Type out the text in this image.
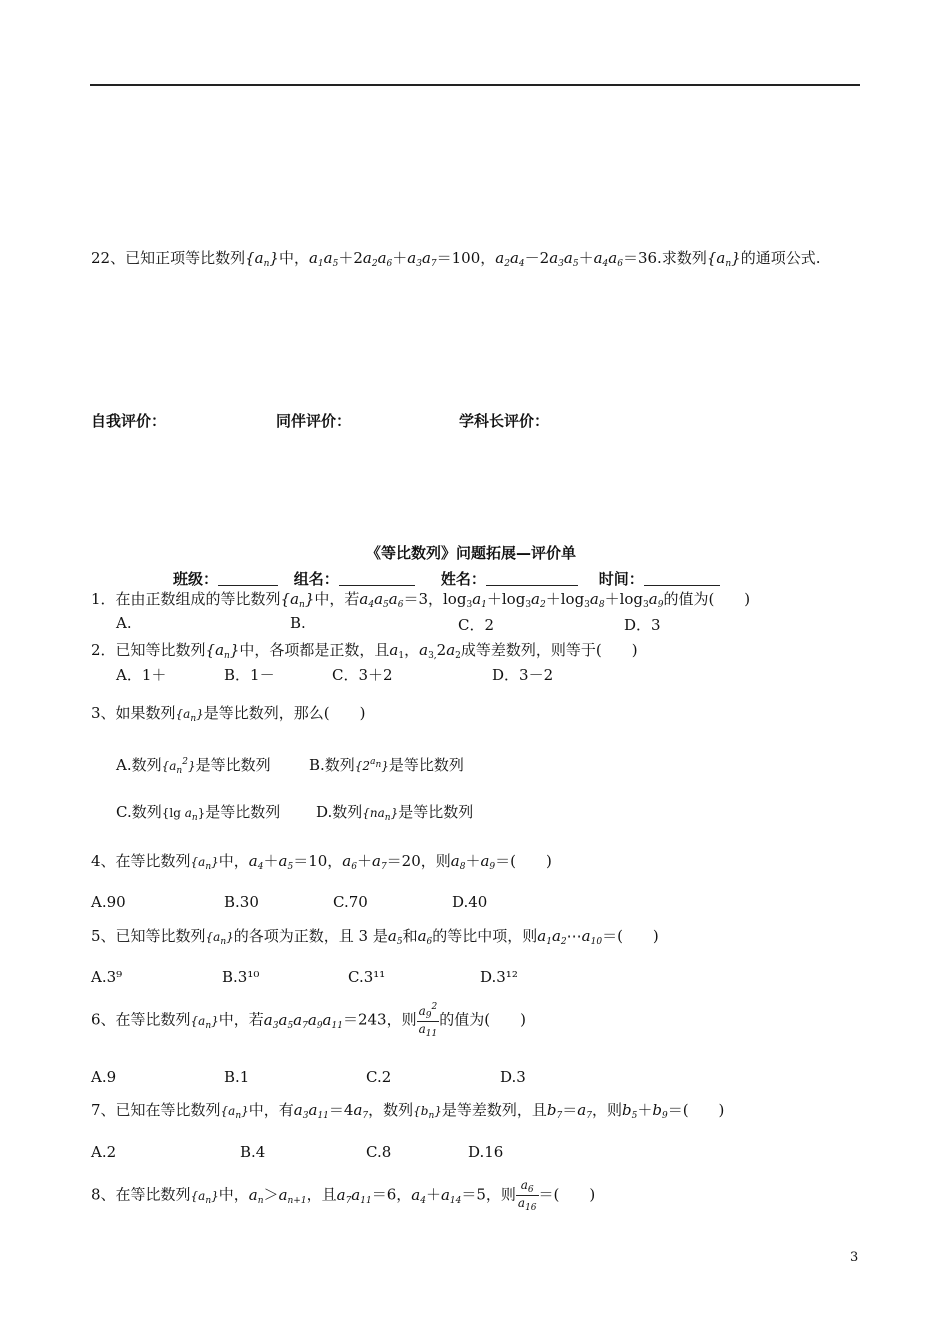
22、已知正项等比数列$\{a_n\}$中，$a_1a_5+2a_2a_6+a_3a_7=100$，$a_2a_4-2a_3a_5+a_4a_6=36$.求数列$\{a_n\}$的通项公式.
自我评价：	同伴评价：	学科长评价：
《等比数列》问题拓展—评价单
班级：	组名：	姓名：	时间：
1．在由正数组成的等比数列$\{a_n\}$中，若$a_4a_5a_6=3$，$\log_3a_1+\log_3a_2+\log_3a_8+\log_3a_9$的值为(　　)
A.	B.	C．2	D．3
2．已知等比数列$\{a_n\}$中，各项都是正数，且$a_1$，$a_{3,}2a_2$成等差数列，则等于(　　)
A．1＋	B．1－	C．3＋2	D．3－2
3、如果数列$\{a_n\}$是等比数列，那么(　　)
A.数列$\{a_n^2\}$是等比数列	B.数列$\{2^{a_n}\}$是等比数列
C.数列{lg $a_n$}是等比数列 D.数列$\{na_n\}$是等比数列
4、在等比数列$\{a_n\}$中，$a_4+a_5=10$，$a_6+a_7=20$，则$a_8+a_9=$(　　)
A.90	B.30	C.70	D.40
5、已知等比数列$\{a_n\}$的各项为正数，且 3 是$a_5$和$a_6$的等比中项，则$a_1a_2\cdots a_{10}=$(　　)
A.3⁹	B.3¹⁰	C.3¹¹	D.3¹²
6、在等比数列$\{a_n\}$中，若$a_3a_5a_7a_9a_{11}=243$，则 $\frac{a_9^2}{a_{11}}$ 的值为(　　)
A.9	B.1	C.2	D.3
7、已知在等比数列$\{a_n\}$中，有$a_3a_{11}=4a_7$，数列$\{b_n\}$是等差数列，且$b_7=a_7$，则$b_5+b_9=$(　　)
A.2	B.4	C.8	D.16
8、在等比数列$\{a_n\}$中，$a_n>a_{n+1}$，且$a_7a_{11}=6$，$a_4+a_{14}=5$，则 $\frac{a_6}{a_{16}}$ ＝(　　)
3
